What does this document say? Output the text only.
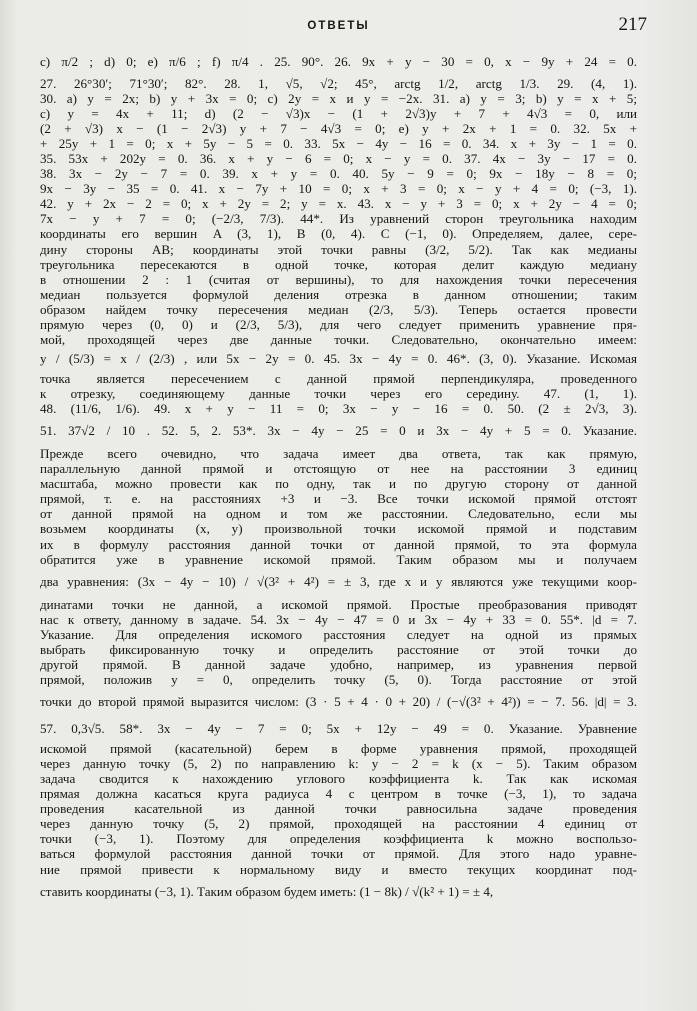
ОТВЕТЫ	217
c) π/2 ; d) 0; e) π/6 ; f) π/4 . 25. 90°. 26. 9x + y − 30 = 0, x − 9y + 24 = 0.
27. 26°30′; 71°30′; 82°. 28. 1, √5, √2; 45°, arctg 1/2, arctg 1/3. 29. (4, 1).
30. a) y = 2x; b) y + 3x = 0; c) 2y = x и y = −2x. 31. a) y = 3; b) y = x + 5;
c) y = 4x + 11; d) (2 − √3)x − (1 + 2√3)y + 7 + 4√3 = 0, или
(2 + √3) x − (1 − 2√3) y + 7 − 4√3 = 0; e) y + 2x + 1 = 0. 32. 5x +
+ 25y + 1 = 0; x + 5y − 5 = 0. 33. 5x − 4y − 16 = 0. 34. x + 3y − 1 = 0.
35. 53x + 202y = 0. 36. x + y − 6 = 0; x − y = 0. 37. 4x − 3y − 17 = 0.
38. 3x − 2y − 7 = 0. 39. x + y = 0. 40. 5y − 9 = 0; 9x − 18y − 8 = 0;
9x − 3y − 35 = 0. 41. x − 7y + 10 = 0; x + 3 = 0; x − y + 4 = 0; (−3, 1).
42. y + 2x − 2 = 0; x + 2y = 2; y = x. 43. x − y + 3 = 0; x + 2y − 4 = 0;
7x − y + 7 = 0; (−2/3, 7/3). 44*. Из уравнений сторон треугольника находим
координаты его вершин A (3, 1), B (0, 4). C (−1, 0). Определяем, далее, сере-
дину стороны AB; координаты этой точки равны (3/2, 5/2). Так как медианы
треугольника пересекаются в одной точке, которая делит каждую медиану
в отношении 2 : 1 (считая от вершины), то для нахождения точки пересечения
медиан пользуется формулой деления отрезка в данном отношении; таким
образом найдем точку пересечения медиан (2/3, 5/3). Теперь остается провести
прямую через (0, 0) и (2/3, 5/3), для чего следует применить уравнение пря-
мой, проходящей через две данные точки. Следовательно, окончательно имеем:
y / (5/3) = x / (2/3) , или 5x − 2y = 0. 45. 3x − 4y = 0. 46*. (3, 0). Указание. Искомая
точка является пересечением с данной прямой перпендикуляра, проведенного
к отрезку, соединяющему данные точки через его середину. 47. (1, 1).
48. (11/6, 1/6). 49. x + y − 11 = 0; 3x − y − 16 = 0. 50. (2 ± 2√3, 3).
51. 37√2 / 10 . 52. 5, 2. 53*. 3x − 4y − 25 = 0 и 3x − 4y + 5 = 0. Указание.
Прежде всего очевидно, что задача имеет два ответа, так как прямую,
параллельную данной прямой и отстоящую от нее на расстоянии 3 единиц
масштаба, можно провести как по одну, так и по другую сторону от данной
прямой, т. е. на расстояниях +3 и −3. Все точки искомой прямой отстоят
от данной прямой на одном и том же расстоянии. Следовательно, если мы
возьмем координаты (x, y) произвольной точки искомой прямой и подставим
их в формулу расстояния данной точки от данной прямой, то эта формула
обратится уже в уравнение искомой прямой. Таким образом мы и получаем
два уравнения: (3x − 4y − 10) / √(3² + 4²) = ± 3, где x и y являются уже текущими коор-
динатами точки не данной, а искомой прямой. Простые преобразования приводят
нас к ответу, данному в задаче. 54. 3x − 4y − 47 = 0 и 3x − 4y + 33 = 0. 55*. |d = 7.
Указание. Для определения искомого расстояния следует на одной из прямых
выбрать фиксированную точку и определить расстояние от этой точки до
другой прямой. В данной задаче удобно, например, из уравнения первой
прямой, положив y = 0, определить точку (5, 0). Тогда расстояние от этой
точки до второй прямой выразится числом: (3 · 5 + 4 · 0 + 20) / (−√(3² + 4²)) = − 7. 56. |d| = 3.
57. 0,3√5. 58*. 3x − 4y − 7 = 0; 5x + 12y − 49 = 0. Указание. Уравнение
искомой прямой (касательной) берем в форме уравнения прямой, проходящей
через данную точку (5, 2) по направлению k: y − 2 = k (x − 5). Таким образом
задача сводится к нахождению углового коэффициента k. Так как искомая
прямая должна касаться круга радиуса 4 с центром в точке (−3, 1), то задача
проведения касательной из данной точки равносильна задаче проведения
через данную точку (5, 2) прямой, проходящей на расстоянии 4 единиц от
точки (−3, 1). Поэтому для определения коэффициента k можно воспользо-
ваться формулой расстояния данной точки от прямой. Для этого надо уравне-
ние прямой привести к нормальному виду и вместо текущих координат под-
ставить координаты (−3, 1). Таким образом будем иметь: (1 − 8k) / √(k² + 1) = ± 4,
